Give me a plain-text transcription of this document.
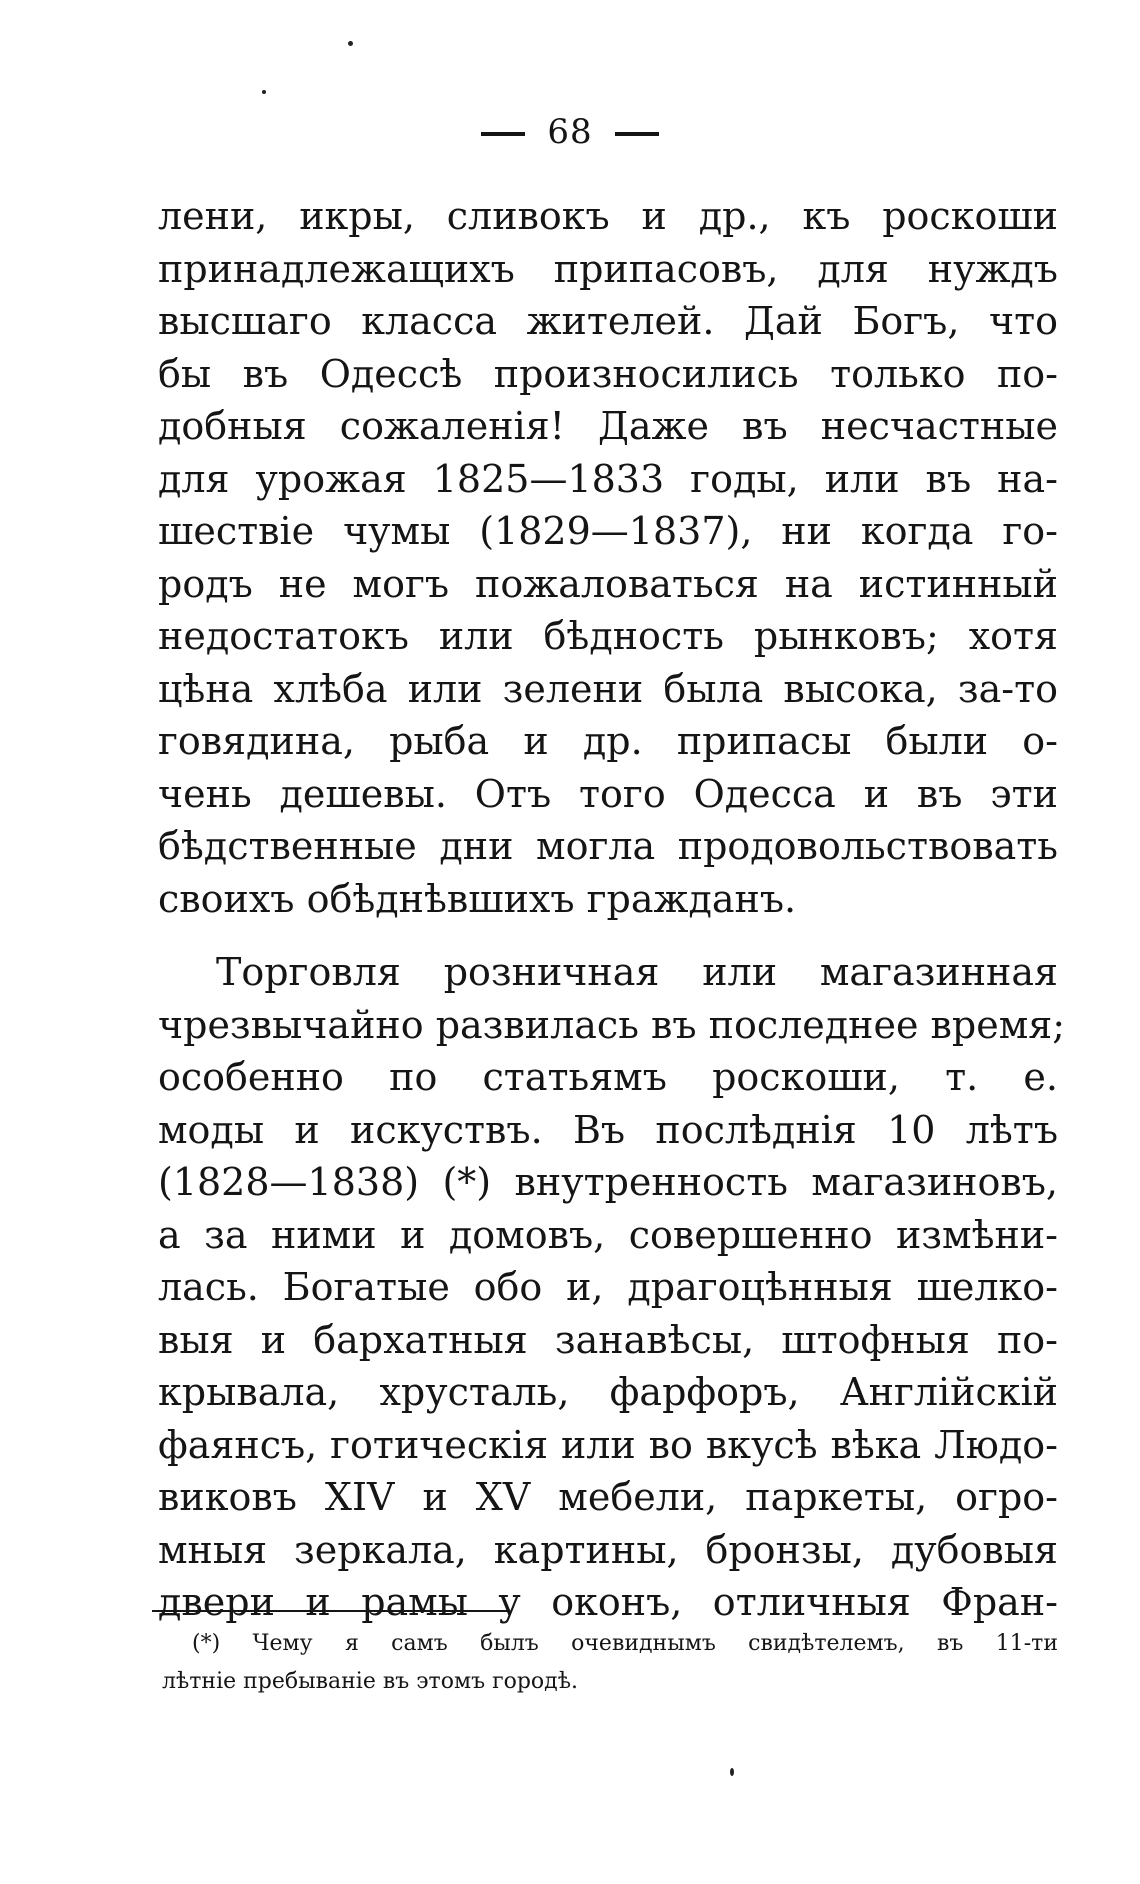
68
лени, икры, сливокъ и др., къ роскоши
принадлежащихъ припасовъ, для нуждъ
высшаго класса жителей. Дай Богъ, что
бы въ Одессѣ произносились только по-
добныя сожаленія! Даже въ несчастные
для урожая 1825—1833 годы, или въ на-
шествіе чумы (1829—1837), ни когда го-
родъ не могъ пожаловаться на истинный
недостатокъ или бѣдность рынковъ; хотя
цѣна хлѣба или зелени была высока, за-то
говядина, рыба и др. припасы были о-
чень дешевы. Отъ того Одесса и въ эти
бѣдственные дни могла продовольствовать
своихъ обѣднѣвшихъ гражданъ.
Торговля розничная или магазинная
чрезвычайно развилась въ последнее время;
особенно по статьямъ роскоши, т. е.
моды и искуствъ. Въ послѣднія 10 лѣтъ
(1828—1838) (*) внутренность магазиновъ,
а за ними и домовъ, совершенно измѣни-
лась. Богатые обо и, драгоцѣнныя шелко-
выя и бархатныя занавѣсы, штофныя по-
крывала, хрусталь, фарфоръ, Англійскій
фаянсъ, готическія или во вкусѣ вѣка Людо-
виковъ XIV и XV мебели, паркеты, огро-
мныя зеркала, картины, бронзы, дубовыя
двери и рамы у оконъ, отличныя Фран-
(*) Чему я самъ былъ очевиднымъ свидѣтелемъ, въ 11-ти
лѣтніе пребываніе въ этомъ городѣ.
